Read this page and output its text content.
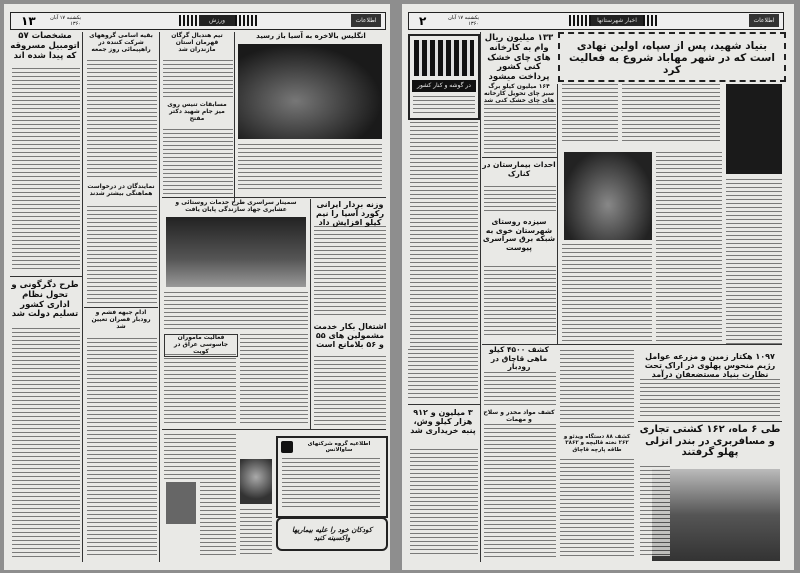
۱۳	یکشنبه ۱۷ آبان ۱۳۶۰	ورزش	اطلاعات
مشخصات ۵۷ اتومبیل مسروقه که پیدا شده اند
طرح دگرگونی و تحول نظام اداری کشور تسلیم دولت شد
بقیه اسامی گروههای شرکت کننده در راهپیمائی روز جمعه
نمایندگان در درخواست هماهنگی بیشتر شدند
ادام جبهه فشم و رودبار قصران تعیین شد
تیم هندبال گرگان قهرمان استان مازندران شد
مسابقات تنیس روی میز جام شهید دکتر مفتح
انگلیس بالاخره به آسیا باز رسید
سمینار سراسری طرح خدمات روستائی و عشایری جهاد سازندگی پایان یافت
فعالیت ماموران جاسوسی عراق در کویت
وزنه بردار ایرانی رکورد آسیا را نیم کیلو افزایش داد
اشتغال بکار خدمت مشمولین های ۵۵ و ۵۶ بلامانع است
اطلاعیه گروه شرکتهای ساوالانس
کودکان خود را علیه بیماریها واکسینه کنید
۲	یکشنبه ۱۷ آبان ۱۳۶۰	اخبار شهرستانها	اطلاعات
در گوشه و کنار کشور
۱۳۳ میلیون ریال وام به کارخانه های چای خشک کنی کشور پرداخت میشود
۱۶۴ میلیون کیلو برگ سبز چای تحویل کارخانه های چای خشک کنی شد
احداث بیمارستان در کنارک
سیزده روستای شهرستان خوی به شبکه برق سراسری پیوست
بنیاد شهید، پس از سپاه، اولین نهادی است که در شهر مهاباد شروع به فعالیت کرد
کشف ۴۵۰۰ کیلو ماهی قاچاق در رودبار
کشف مواد مخدر و سلاح و مهمات
کشف ۸۸ دستگاه ویدئو و ۲۶۲ نخته قالیچه و ۳۸۶۲ طاقه پارچه قاچاق
۱۰۹۷ هکتار زمین و مزرعه عوامل رژیم منحوس پهلوی در اراک تحت نظارت بنیاد مستضعفان درآمد
طی ۶ ماه، ۱۶۲ کشتی تجاری و مسافربری در بندر انزلی پهلو گرفتند
۳ میلیون و ۹۱۲ هزار کیلو وش، پنبه خریداری شد
